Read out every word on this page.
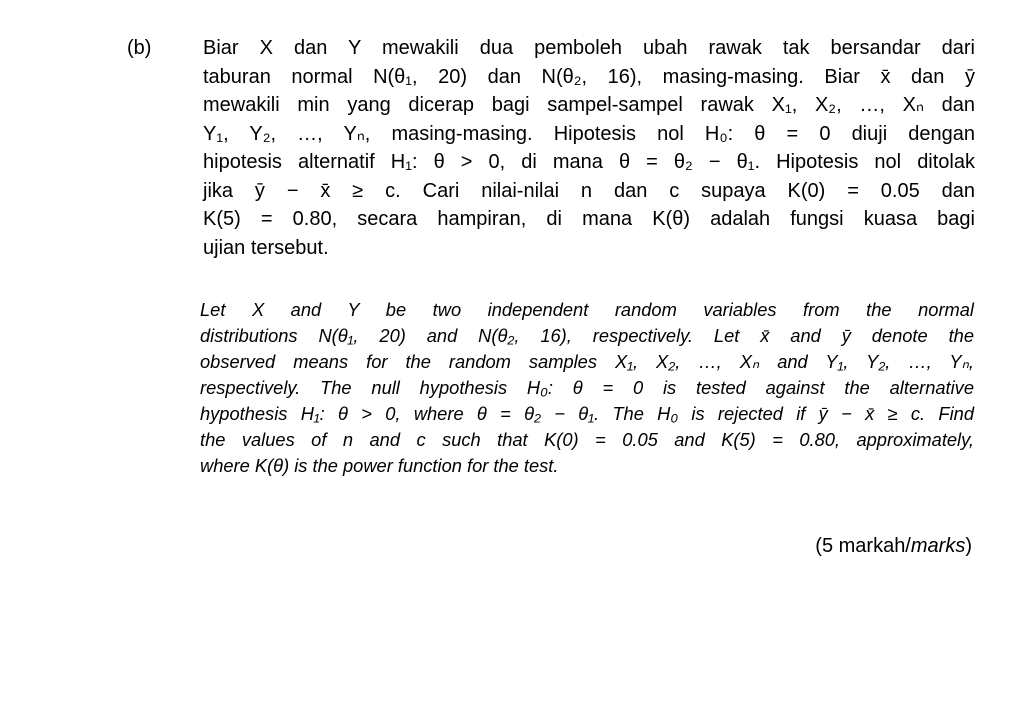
(b)	Biar X dan Y mewakili dua pemboleh ubah rawak tak bersandar dari
taburan normal N(θ₁, 20) dan N(θ₂, 16), masing-masing. Biar x̄ dan ȳ
mewakili min yang dicerap bagi sampel-sampel rawak X₁, X₂, …, Xₙ dan
Y₁, Y₂, …, Yₙ, masing-masing. Hipotesis nol H₀: θ = 0 diuji dengan
hipotesis alternatif H₁: θ > 0, di mana θ = θ₂ − θ₁. Hipotesis nol ditolak
jika ȳ − x̄ ≥ c. Cari nilai-nilai n dan c supaya K(0) = 0.05 dan
K(5) = 0.80, secara hampiran, di mana K(θ) adalah fungsi kuasa bagi
ujian tersebut.
Let X and Y be two independent random variables from the normal
distributions N(θ₁, 20) and N(θ₂, 16), respectively. Let x̄ and ȳ denote the
observed means for the random samples X₁, X₂, …, Xₙ and Y₁, Y₂, …, Yₙ,
respectively. The null hypothesis H₀: θ = 0 is tested against the alternative
hypothesis H₁: θ > 0, where θ = θ₂ − θ₁. The H₀ is rejected if ȳ − x̄ ≥ c. Find
the values of n and c such that K(0) = 0.05 and K(5) = 0.80, approximately,
where K(θ) is the power function for the test.
(5 markah/marks)
